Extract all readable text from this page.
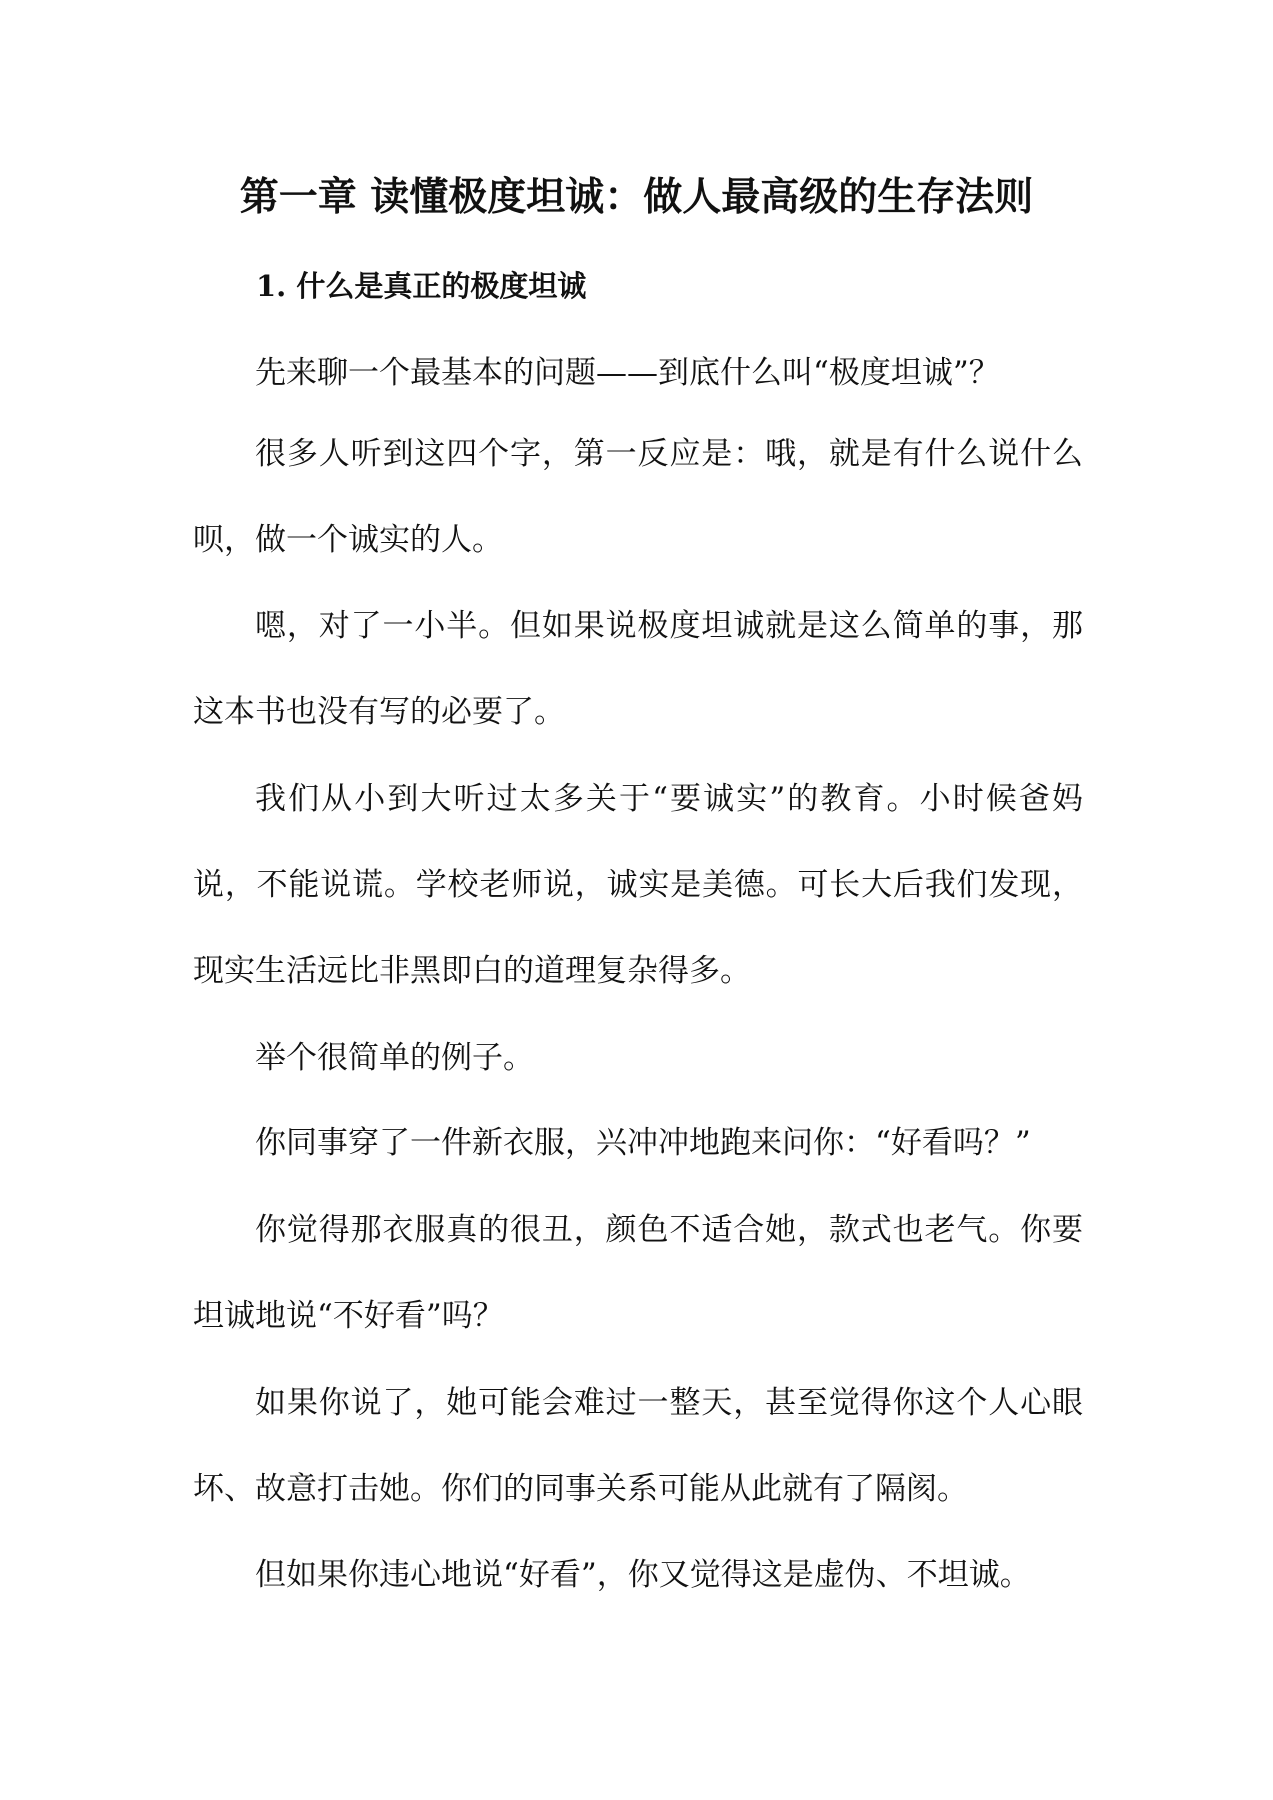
第一章 读懂极度坦诚：做人最高级的生存法则
1. 什么是真正的极度坦诚

先来聊一个最基本的问题——到底什么叫“极度坦诚”？

很多人听到这四个字，第一反应是：哦，就是有什么说什么呗，做一个诚实的人。

嗯，对了一小半。但如果说极度坦诚就是这么简单的事，那这本书也没有写的必要了。

我们从小到大听过太多关于“要诚实”的教育。小时候爸妈说，不能说谎。学校老师说，诚实是美德。可长大后我们发现，现实生活远比非黑即白的道理复杂得多。

举个很简单的例子。

你同事穿了一件新衣服，兴冲冲地跑来问你：“好看吗？”

你觉得那衣服真的很丑，颜色不适合她，款式也老气。你要坦诚地说“不好看”吗？

如果你说了，她可能会难过一整天，甚至觉得你这个人心眼坏、故意打击她。你们的同事关系可能从此就有了隔阂。

但如果你违心地说“好看”，你又觉得这是虚伪、不坦诚。
